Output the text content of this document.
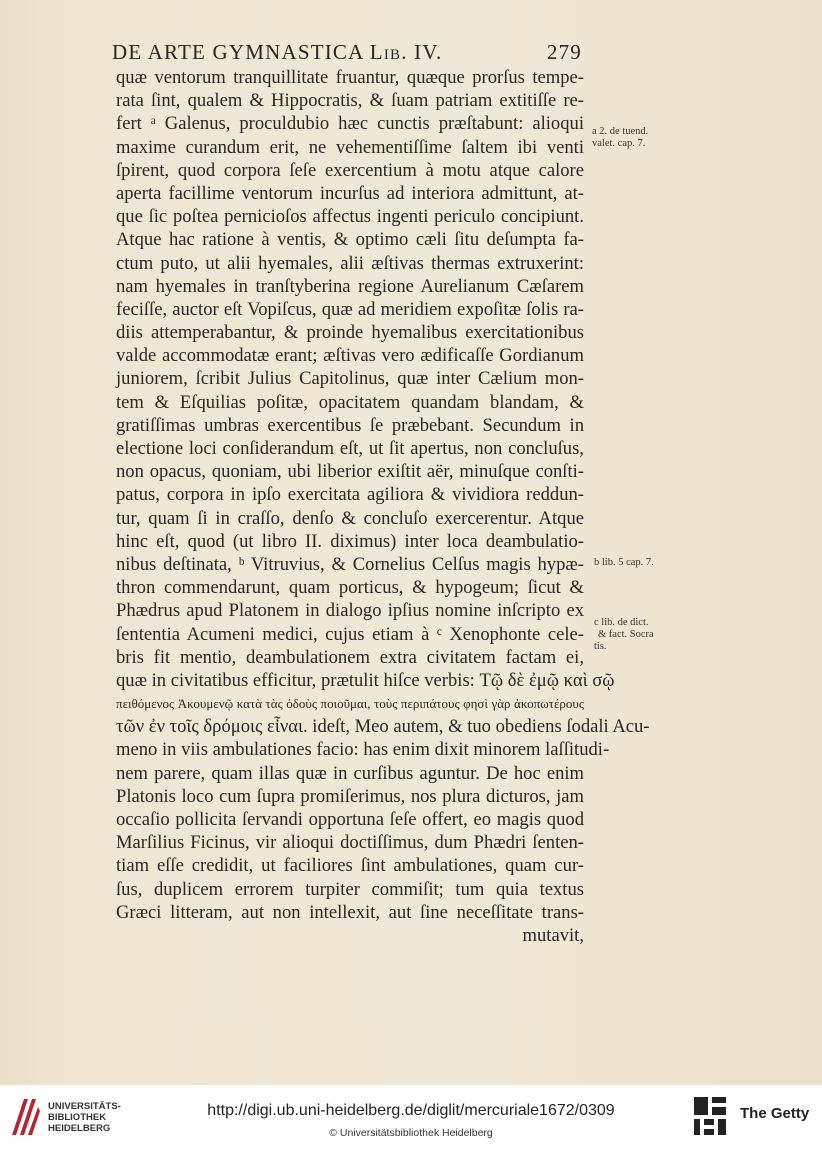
DE ARTE GYMNASTICA Lib. IV.	279
quæ ventorum tranquillitate fruantur, quæque prorſus tempe-
rata ſint, qualem & Hippocratis, & ſuam patriam extitiſſe re-
fert ᵃ Galenus, proculdubio hæc cunctis præſtabunt: alioqui
maxime curandum erit, ne vehementiſſime ſaltem ibi venti
ſpirent, quod corpora ſeſe exercentium à motu atque calore
aperta facillime ventorum incurſus ad interiora admittunt, at-
que ſic poſtea pernicioſos affectus ingenti periculo concipiunt.
Atque hac ratione à ventis, & optimo cæli ſitu deſumpta fa-
ctum puto, ut alii hyemales, alii æſtivas thermas extruxerint:
nam hyemales in tranſtyberina regione Aurelianum Cæſarem
feciſſe, auctor eſt Vopiſcus, quæ ad meridiem expoſitæ ſolis ra-
diis attemperabantur, & proinde hyemalibus exercitationibus
valde accommodatæ erant; æſtivas vero ædificaſſe Gordianum
juniorem, ſcribit Julius Capitolinus, quæ inter Cælium mon-
tem & Eſquilias poſitæ, opacitatem quandam blandam, &
gratiſſimas umbras exercentibus ſe præbebant. Secundum in
electione loci conſiderandum eſt, ut ſit apertus, non concluſus,
non opacus, quoniam, ubi liberior exiſtit aër, minuſque conſti-
patus, corpora in ipſo exercitata agiliora & vividiora reddun-
tur, quam ſi in craſſo, denſo & concluſo exercerentur. Atque
hinc eſt, quod (ut libro II. diximus) inter loca deambulatio-
nibus deſtinata, ᵇ Vitruvius, & Cornelius Celſus magis hypæ-
thron commendarunt, quam porticus, & hypogeum; ſicut &
Phædrus apud Platonem in dialogo ipſius nomine inſcripto ex
ſententia Acumeni medici, cujus etiam à ᶜ Xenophonte cele-
bris fit mentio, deambulationem extra civitatem factam ei,
quæ in civitatibus efficitur, prætulit hiſce verbis: Τῷ δὲ ἐμῷ καὶ σῷ
πειθόμενος Ἀκουμενῷ κατὰ τὰς ὁδοὺς ποιοῦμαι, τοὺς περιπάτους φησὶ γὰρ ἀκοπωτέρους
τῶν ἐν τοῖς δρόμοις εἶναι. ideſt, Meo autem, & tuo obediens ſodali Acu-
meno in viis ambulationes facio: has enim dixit minorem laſſitudi-
nem parere, quam illas quæ in curſibus aguntur. De hoc enim
Platonis loco cum ſupra promiſerimus, nos plura dicturos, jam
occaſio pollicita ſervandi opportuna ſeſe offert, eo magis quod
Marſilius Ficinus, vir alioqui doctiſſimus, dum Phædri ſenten-
tiam eſſe credidit, ut faciliores ſint ambulationes, quam cur-
ſus, duplicem errorem turpiter commiſit; tum quia textus
Græci litteram, aut non intellexit, aut ſine neceſſitate trans-
mutavit,
a 2. de tuend.
valet. cap. 7.
b lib. 5 cap. 7.
c lib. de dict.
& fact. Socra
tis.
UNIVERSITÄTS-
BIBLIOTHEK
HEIDELBERG
http://digi.ub.uni-heidelberg.de/diglit/mercuriale1672/0309
© Universitätsbibliothek Heidelberg
The Getty
